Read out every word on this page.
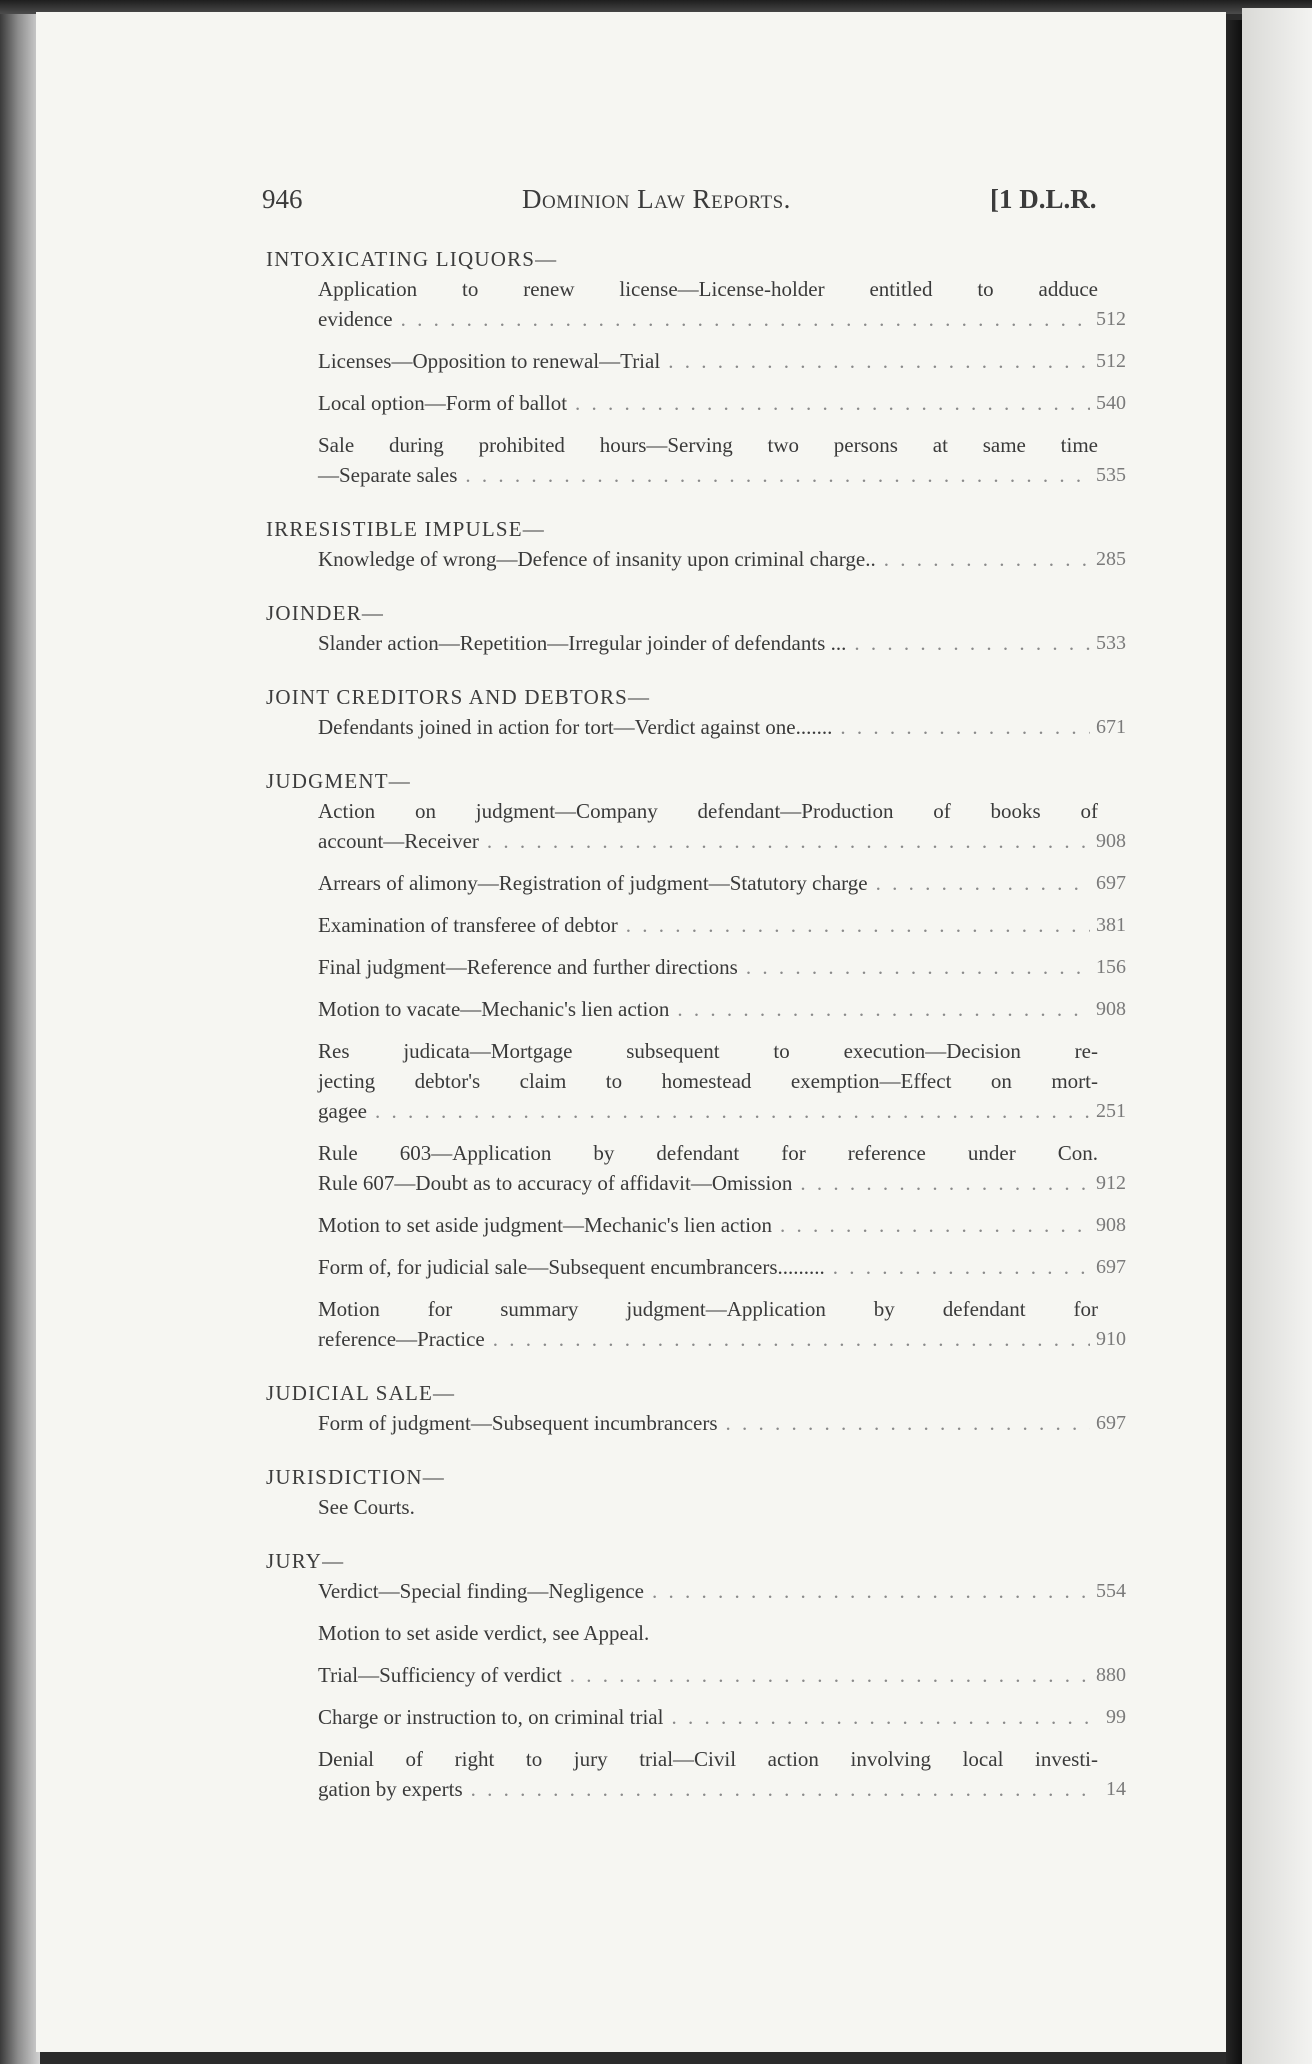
946	Dominion Law Reports.	[1 D.L.R.
INTOXICATING LIQUORS—
Application to renew license—License-holder entitled to adduce
evidence . . .	512
Licenses—Opposition to renewal—Trial . . .	512
Local option—Form of ballot . . .	540
Sale during prohibited hours—Serving two persons at same time
—Separate sales . . .	535
IRRESISTIBLE IMPULSE—
Knowledge of wrong—Defence of insanity upon criminal charge.. . . .	285
JOINDER—
Slander action—Repetition—Irregular joinder of defendants ... . . .	533
JOINT CREDITORS AND DEBTORS—
Defendants joined in action for tort—Verdict against one....... . . .	671
JUDGMENT—
Action on judgment—Company defendant—Production of books of
account—Receiver . . .	908
Arrears of alimony—Registration of judgment—Statutory charge . . .	697
Examination of transferee of debtor . . .	381
Final judgment—Reference and further directions . . .	156
Motion to vacate—Mechanic's lien action . . .	908
Res judicata—Mortgage subsequent to execution—Decision re-
jecting debtor's claim to homestead exemption—Effect on mort-
gagee . . .	251
Rule 603—Application by defendant for reference under Con.
Rule 607—Doubt as to accuracy of affidavit—Omission . . .	912
Motion to set aside judgment—Mechanic's lien action . . .	908
Form of, for judicial sale—Subsequent encumbrancers......... . . .	697
Motion for summary judgment—Application by defendant for
reference—Practice . . .	910
JUDICIAL SALE—
Form of judgment—Subsequent incumbrancers . . .	697
JURISDICTION—
See Courts.
JURY—
Verdict—Special finding—Negligence . . .	554
Motion to set aside verdict, see Appeal.
Trial—Sufficiency of verdict . . .	880
Charge or instruction to, on criminal trial . . .	99
Denial of right to jury trial—Civil action involving local investi-
gation by experts . . .	14
